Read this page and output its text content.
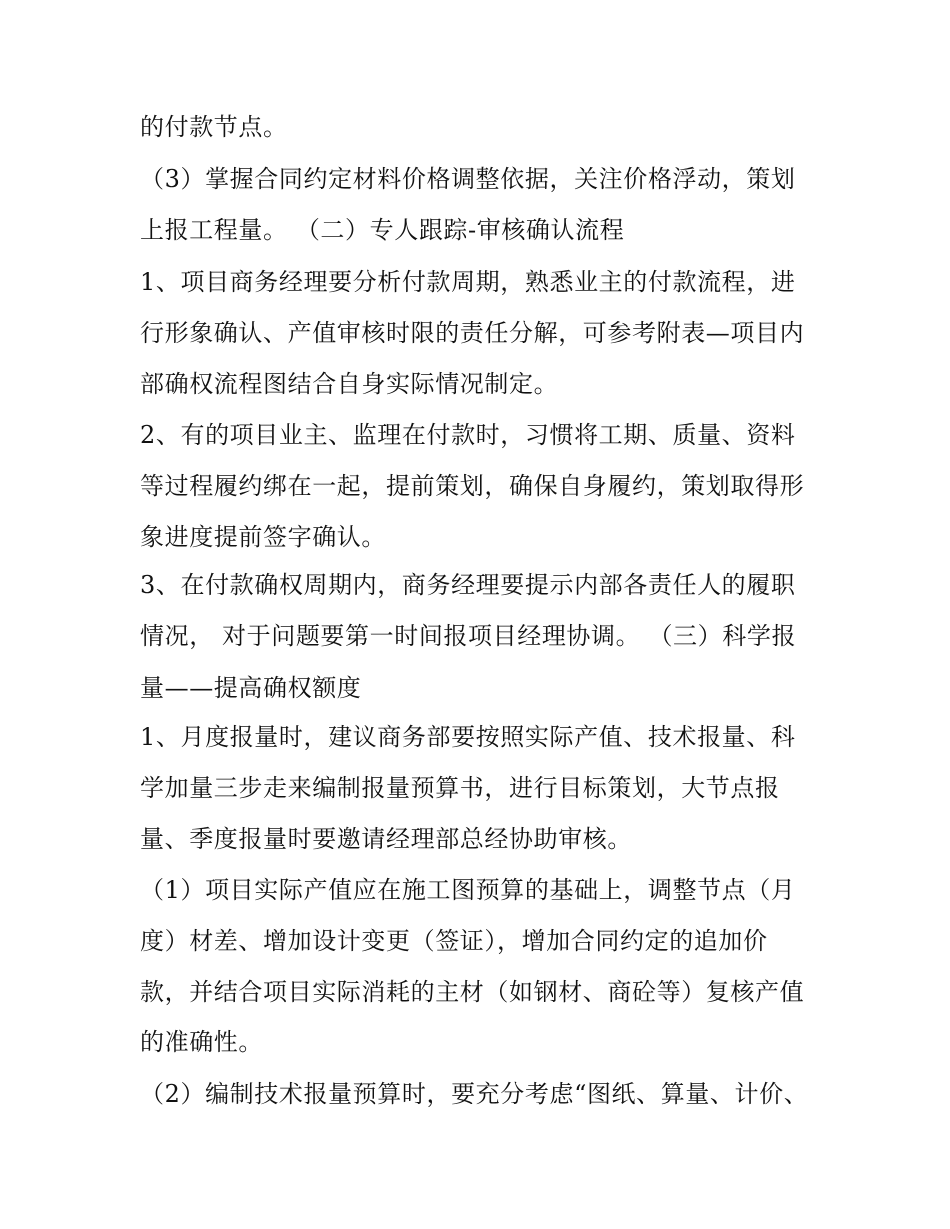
的付款节点。
（3）掌握合同约定材料价格调整依据，关注价格浮动，策划
上报工程量。 （二）专人跟踪-审核确认流程
1、项目商务经理要分析付款周期，熟悉业主的付款流程，进
行形象确认、产值审核时限的责任分解，可参考附表—项目内
部确权流程图结合自身实际情况制定。
2、有的项目业主、监理在付款时，习惯将工期、质量、资料
等过程履约绑在一起，提前策划，确保自身履约，策划取得形
象进度提前签字确认。
3、在付款确权周期内，商务经理要提示内部各责任人的履职
情况， 对于问题要第一时间报项目经理协调。 （三）科学报
量——提高确权额度
1、月度报量时，建议商务部要按照实际产值、技术报量、科
学加量三步走来编制报量预算书，进行目标策划，大节点报
量、季度报量时要邀请经理部总经协助审核。
（1）项目实际产值应在施工图预算的基础上，调整节点（月
度）材差、增加设计变更（签证），增加合同约定的追加价
款，并结合项目实际消耗的主材（如钢材、商砼等）复核产值
的准确性。
（2）编制技术报量预算时，要充分考虑“图纸、算量、计价、
